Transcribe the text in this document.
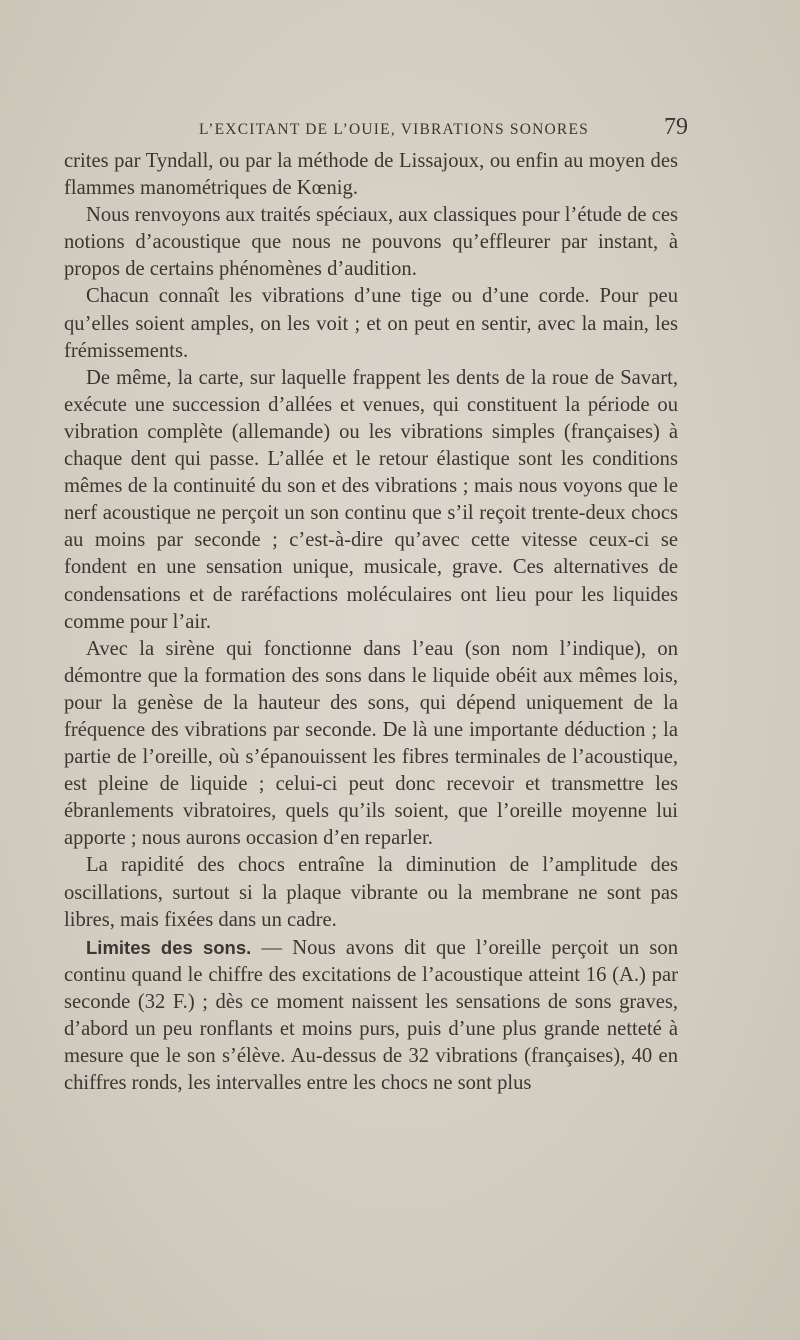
L’EXCITANT DE L’OUIE, VIBRATIONS SONORES	79

crites par Tyndall, ou par la méthode de Lissajoux, ou enfin au moyen des flammes manométriques de Kœnig.

Nous renvoyons aux traités spéciaux, aux classiques pour l’étude de ces notions d’acoustique que nous ne pouvons qu’effleurer par instant, à propos de certains phénomènes d’audition.

Chacun connaît les vibrations d’une tige ou d’une corde. Pour peu qu’elles soient amples, on les voit ; et on peut en sentir, avec la main, les frémissements.

De même, la carte, sur laquelle frappent les dents de la roue de Savart, exécute une succession d’allées et venues, qui constituent la période ou vibration complète (allemande) ou les vibrations simples (françaises) à chaque dent qui passe. L’allée et le retour élastique sont les conditions mêmes de la continuité du son et des vibrations ; mais nous voyons que le nerf acoustique ne perçoit un son continu que s’il reçoit trente-deux chocs au moins par seconde ; c’est-à-dire qu’avec cette vitesse ceux-ci se fondent en une sensation unique, musicale, grave. Ces alternatives de condensations et de raréfactions moléculaires ont lieu pour les liquides comme pour l’air.

Avec la sirène qui fonctionne dans l’eau (son nom l’indique), on démontre que la formation des sons dans le liquide obéit aux mêmes lois, pour la genèse de la hauteur des sons, qui dépend uniquement de la fréquence des vibrations par seconde. De là une importante déduction ; la partie de l’oreille, où s’épanouissent les fibres terminales de l’acoustique, est pleine de liquide ; celui-ci peut donc recevoir et transmettre les ébranlements vibratoires, quels qu’ils soient, que l’oreille moyenne lui apporte ; nous aurons occasion d’en reparler.

La rapidité des chocs entraîne la diminution de l’amplitude des oscillations, surtout si la plaque vibrante ou la membrane ne sont pas libres, mais fixées dans un cadre.

Limites des sons. — Nous avons dit que l’oreille perçoit un son continu quand le chiffre des excitations de l’acoustique atteint 16 (A.) par seconde (32 F.) ; dès ce moment naissent les sensations de sons graves, d’abord un peu ronflants et moins purs, puis d’une plus grande netteté à mesure que le son s’élève. Au-dessus de 32 vibrations (françaises), 40 en chiffres ronds, les intervalles entre les chocs ne sont plus
